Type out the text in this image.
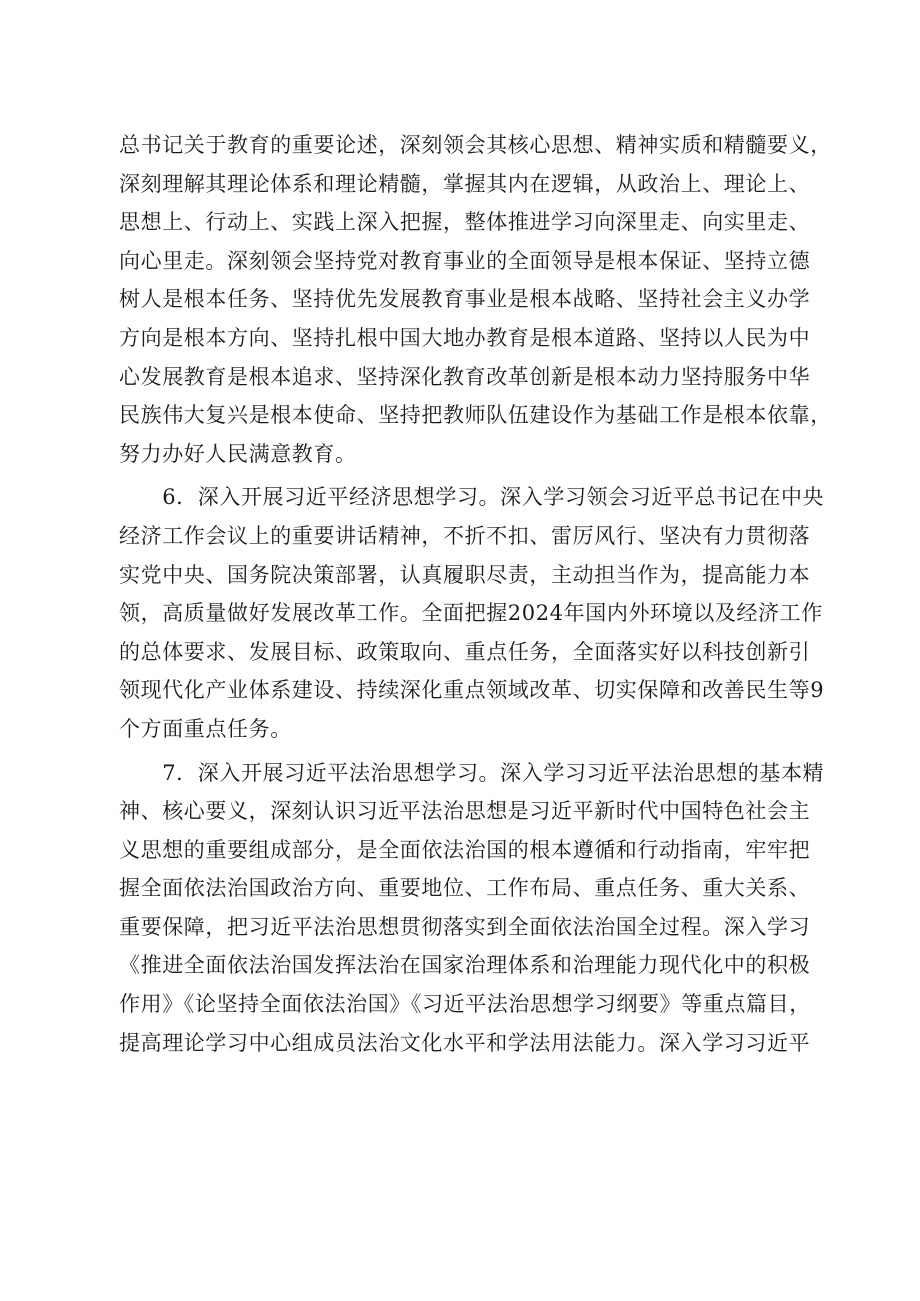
总书记关于教育的重要论述，深刻领会其核心思想、精神实质和精髓要义，
深刻理解其理论体系和理论精髓，掌握其内在逻辑，从政治上、理论上、
思想上、行动上、实践上深入把握，整体推进学习向深里走、向实里走、
向心里走。深刻领会坚持党对教育事业的全面领导是根本保证、坚持立德
树人是根本任务、坚持优先发展教育事业是根本战略、坚持社会主义办学
方向是根本方向、坚持扎根中国大地办教育是根本道路、坚持以人民为中
心发展教育是根本追求、坚持深化教育改革创新是根本动力坚持服务中华
民族伟大复兴是根本使命、坚持把教师队伍建设作为基础工作是根本依靠，
努力办好人民满意教育。
　　6．深入开展习近平经济思想学习。深入学习领会习近平总书记在中央
经济工作会议上的重要讲话精神，不折不扣、雷厉风行、坚决有力贯彻落
实党中央、国务院决策部署，认真履职尽责，主动担当作为，提高能力本
领，高质量做好发展改革工作。全面把握2024年国内外环境以及经济工作
的总体要求、发展目标、政策取向、重点任务，全面落实好以科技创新引
领现代化产业体系建设、持续深化重点领域改革、切实保障和改善民生等9
个方面重点任务。
　　7．深入开展习近平法治思想学习。深入学习习近平法治思想的基本精
神、核心要义，深刻认识习近平法治思想是习近平新时代中国特色社会主
义思想的重要组成部分，是全面依法治国的根本遵循和行动指南，牢牢把
握全面依法治国政治方向、重要地位、工作布局、重点任务、重大关系、
重要保障，把习近平法治思想贯彻落实到全面依法治国全过程。深入学习
《推进全面依法治国发挥法治在国家治理体系和治理能力现代化中的积极
作用》《论坚持全面依法治国》《习近平法治思想学习纲要》等重点篇目，
提高理论学习中心组成员法治文化水平和学法用法能力。深入学习习近平
